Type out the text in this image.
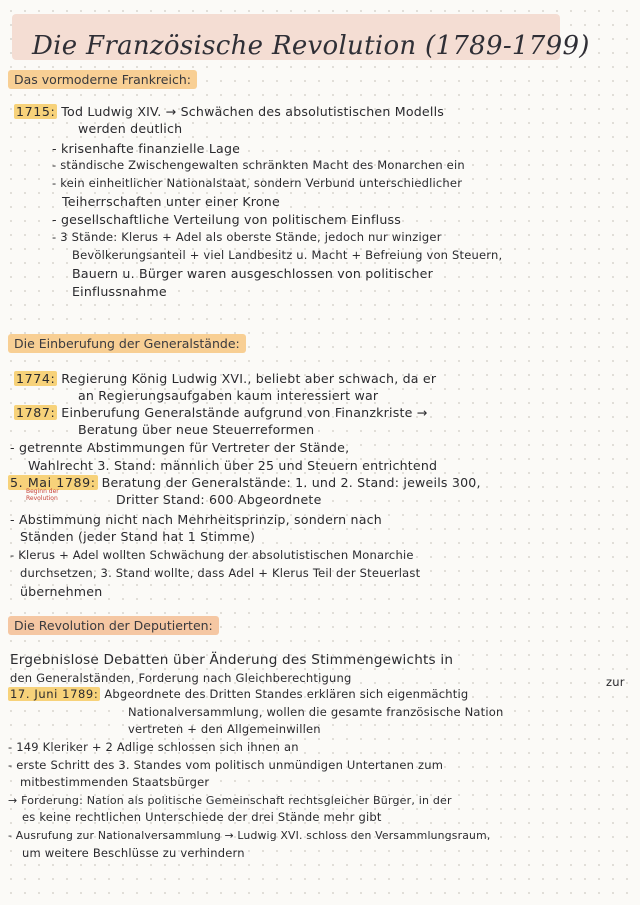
Die Französische Revolution (1789-1799)
Das vormoderne Frankreich:
1715: Tod Ludwig XIV. → Schwächen des absolutistischen Modells
werden deutlich
- krisenhafte finanzielle Lage
- ständische Zwischengewalten schränkten Macht des Monarchen ein
- kein einheitlicher Nationalstaat, sondern Verbund unterschiedlicher
Teiherrschaften unter einer Krone
- gesellschaftliche Verteilung von politischem Einfluss
- 3 Stände: Klerus + Adel als oberste Stände, jedoch nur winziger
Bevölkerungsanteil + viel Landbesitz u. Macht + Befreiung von Steuern,
Bauern u. Bürger waren ausgeschlossen von politischer
Einflussnahme
Die Einberufung der Generalstände:
1774: Regierung König Ludwig XVI., beliebt aber schwach, da er
an Regierungsaufgaben kaum interessiert war
1787: Einberufung Generalstände aufgrund von Finanzkriste →
Beratung über neue Steuerreformen
- getrennte Abstimmungen für Vertreter der Stände,
Wahlrecht 3. Stand: männlich über 25 und Steuern entrichtend
5. Mai 1789: Beratung der Generalstände: 1. und 2. Stand: jeweils 300,
Beginn der Revolution	Dritter Stand: 600 Abgeordnete
- Abstimmung nicht nach Mehrheitsprinzip, sondern nach
Ständen (jeder Stand hat 1 Stimme)
- Klerus + Adel wollten Schwächung der absolutistischen Monarchie
durchsetzen, 3. Stand wollte, dass Adel + Klerus Teil der Steuerlast
übernehmen
Die Revolution der Deputierten:
Ergebnislose Debatten über Änderung des Stimmengewichts in
den Generalständen, Forderung nach Gleichberechtigung	zur
17. Juni 1789: Abgeordnete des Dritten Standes erklären sich eigenmächtig
Nationalversammlung, wollen die gesamte französische Nation
vertreten + den Allgemeinwillen
- 149 Kleriker + 2 Adlige schlossen sich ihnen an
- erste Schritt des 3. Standes vom politisch unmündigen Untertanen zum
mitbestimmenden Staatsbürger
→ Forderung: Nation als politische Gemeinschaft rechtsgleicher Bürger, in der
es keine rechtlichen Unterschiede der drei Stände mehr gibt
- Ausrufung zur Nationalversammlung → Ludwig XVI. schloss den Versammlungsraum,
um weitere Beschlüsse zu verhindern
